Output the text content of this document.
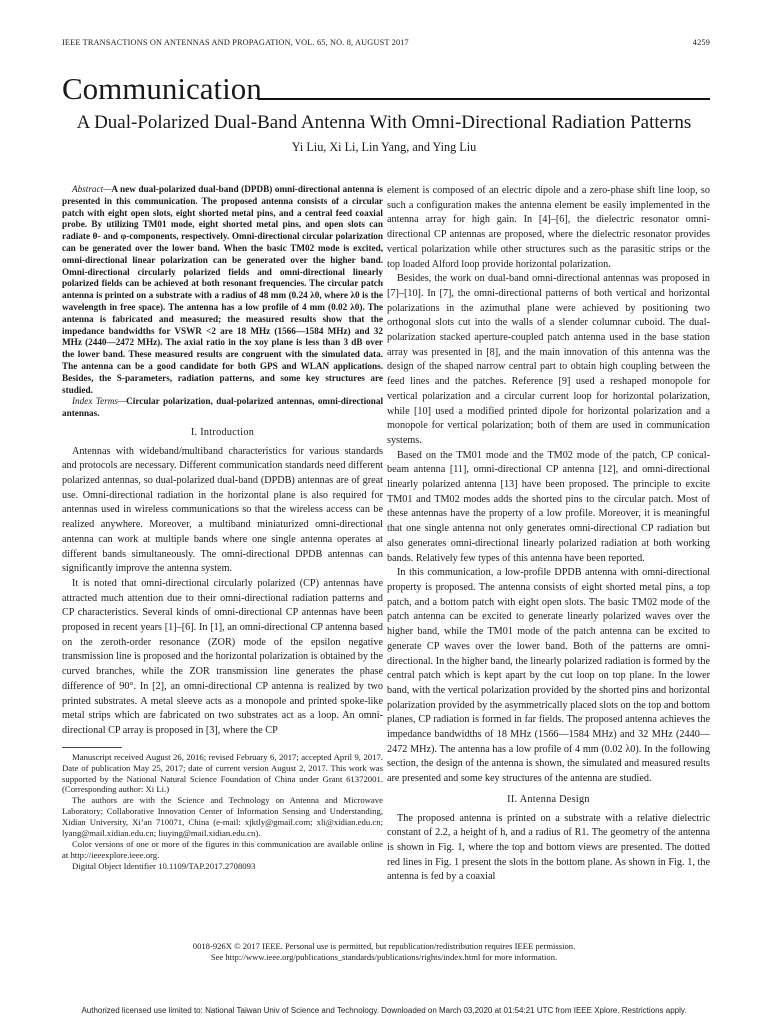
IEEE TRANSACTIONS ON ANTENNAS AND PROPAGATION, VOL. 65, NO. 8, AUGUST 2017	4259
Communication
A Dual-Polarized Dual-Band Antenna With Omni-Directional Radiation Patterns
Yi Liu, Xi Li, Lin Yang, and Ying Liu

Abstract—A new dual-polarized dual-band (DPDB) omni-directional antenna is presented in this communication. The proposed antenna consists of a circular patch with eight open slots, eight shorted metal pins, and a central feed coaxial probe. By utilizing TM01 mode, eight shorted metal pins, and open slots can radiate θ- and φ-components, respectively. Omni-directional circular polarization can be generated over the lower band. When the basic TM02 mode is excited, omni-directional linear polarization can be generated over the higher band. Omni-directional circularly polarized fields and omni-directional linearly polarized fields can be achieved at both resonant frequencies. The circular patch antenna is printed on a substrate with a radius of 48 mm (0.24 λ0, where λ0 is the wavelength in free space). The antenna has a low profile of 4 mm (0.02 λ0). The antenna is fabricated and measured; the measured results show that the impedance bandwidths for VSWR <2 are 18 MHz (1566—1584 MHz) and 32 MHz (2440—2472 MHz). The axial ratio in the xoy plane is less than 3 dB over the lower band. These measured results are congruent with the simulated data. The antenna can be a good candidate for both GPS and WLAN applications. Besides, the S-parameters, radiation patterns, and some key structures are studied.

Index Terms—Circular polarization, dual-polarized antennas, omni-directional antennas.

I. Introduction

Antennas with wideband/multiband characteristics for various standards and protocols are necessary. Different communication standards need different polarized antennas, so dual-polarized dual-band (DPDB) antennas are of great use. Omni-directional radiation in the horizontal plane is also required for antennas used in wireless communications so that the wireless access can be realized anywhere. Moreover, a multiband miniaturized omni-directional antenna can work at multiple bands where one single antenna operates at different bands simultaneously. The omni-directional DPDB antennas can significantly improve the antenna system.

It is noted that omni-directional circularly polarized (CP) antennas have attracted much attention due to their omni-directional radiation patterns and CP characteristics. Several kinds of omni-directional CP antennas have been proposed in recent years [1]–[6]. In [1], an omni-directional CP antenna based on the zeroth-order resonance (ZOR) mode of the epsilon negative transmission line is proposed and the horizontal polarization is obtained by the curved branches, while the ZOR transmission line generates the phase difference of 90°. In [2], an omni-directional CP antenna is realized by two printed substrates. A metal sleeve acts as a monopole and printed spoke-like metal strips which are fabricated on two substrates act as a loop. An omni-directional CP array is proposed in [3], where the CP

Manuscript received August 26, 2016; revised February 6, 2017; accepted April 9, 2017. Date of publication May 25, 2017; date of current version August 2, 2017. This work was supported by the National Natural Science Foundation of China under Grant 61372001. (Corresponding author: Xi Li.)

The authors are with the Science and Technology on Antenna and Microwave Laboratory; Collaborative Innovation Center of Information Sensing and Understanding, Xidian University, Xi’an 710071, China (e-mail: xjktly@gmail.com; xli@xidian.edu.cn; lyang@mail.xidian.edu.cn; liuying@mail.xidian.edu.cn).

Color versions of one or more of the figures in this communication are available online at http://ieeexplore.ieee.org.

Digital Object Identifier 10.1109/TAP.2017.2708093

element is composed of an electric dipole and a zero-phase shift line loop, so such a configuration makes the antenna element be easily implemented in the antenna array for high gain. In [4]–[6], the dielectric resonator omni-directional CP antennas are proposed, where the dielectric resonator provides vertical polarization while other structures such as the parasitic strips or the top loaded Alford loop provide horizontal polarization.

Besides, the work on dual-band omni-directional antennas was proposed in [7]–[10]. In [7], the omni-directional patterns of both vertical and horizontal polarizations in the azimuthal plane were achieved by positioning two orthogonal slots cut into the walls of a slender columnar cuboid. The dual-polarization stacked aperture-coupled patch antenna used in the base station array was presented in [8], and the main innovation of this antenna was the design of the shaped narrow central part to obtain high coupling between the feed lines and the patches. Reference [9] used a reshaped monopole for vertical polarization and a circular current loop for horizontal polarization, while [10] used a modified printed dipole for horizontal polarization and a monopole for vertical polarization; both of them are used in communication systems.

Based on the TM01 mode and the TM02 mode of the patch, CP conical-beam antenna [11], omni-directional CP antenna [12], and omni-directional linearly polarized antenna [13] have been proposed. The principle to excite TM01 and TM02 modes adds the shorted pins to the circular patch. Most of these antennas have the property of a low profile. Moreover, it is meaningful that one single antenna not only generates omni-directional CP radiation but also generates omni-directional linearly polarized radiation at both working bands. Relatively few types of this antenna have been reported.

In this communication, a low-profile DPDB antenna with omni-directional property is proposed. The antenna consists of eight shorted metal pins, a top patch, and a bottom patch with eight open slots. The basic TM02 mode of the patch antenna can be excited to generate linearly polarized waves over the higher band, while the TM01 mode of the patch antenna can be excited to generate CP waves over the lower band. Both of the patterns are omni-directional. In the higher band, the linearly polarized radiation is formed by the central patch which is kept apart by the cut loop on top plane. In the lower band, with the vertical polarization provided by the shorted pins and horizontal polarization provided by the asymmetrically placed slots on the top and bottom planes, CP radiation is formed in far fields. The proposed antenna achieves the impedance bandwidths of 18 MHz (1566—1584 MHz) and 32 MHz (2440—2472 MHz). The antenna has a low profile of 4 mm (0.02 λ0). In the following section, the design of the antenna is shown, the simulated and measured results are presented and some key structures of the antenna are studied.

II. Antenna Design

The proposed antenna is printed on a substrate with a relative dielectric constant of 2.2, a height of h, and a radius of R1. The geometry of the antenna is shown in Fig. 1, where the top and bottom views are presented. The dotted red lines in Fig. 1 present the slots in the bottom plane. As shown in Fig. 1, the antenna is fed by a coaxial

0018-926X © 2017 IEEE. Personal use is permitted, but republication/redistribution requires IEEE permission.
See http://www.ieee.org/publications_standards/publications/rights/index.html for more information.
Authorized licensed use limited to: National Taiwan Univ of Science and Technology. Downloaded on March 03,2020 at 01:54:21 UTC from IEEE Xplore. Restrictions apply.
